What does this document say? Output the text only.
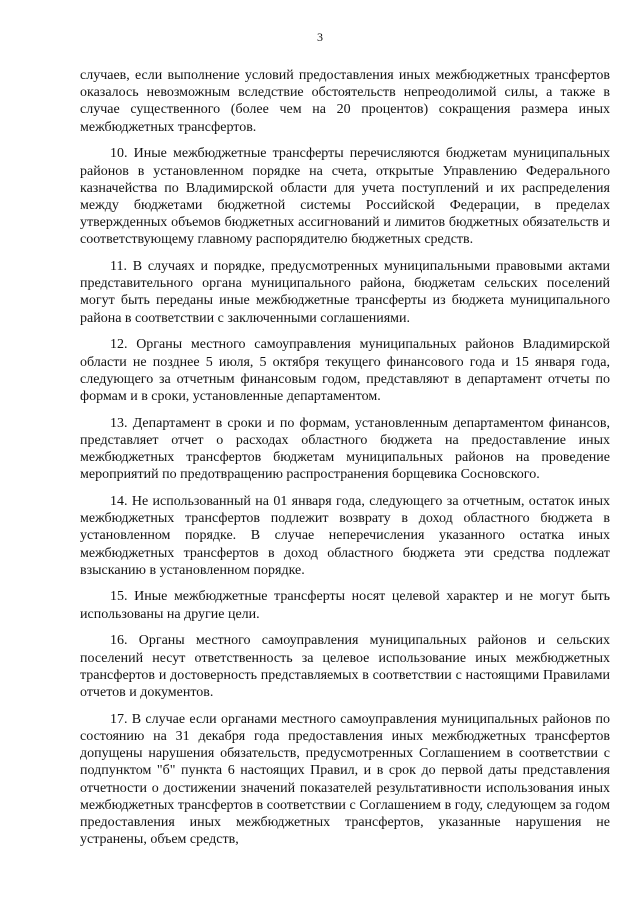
3

случаев, если выполнение условий предоставления иных межбюджетных трансфертов оказалось невозможным вследствие обстоятельств непреодолимой силы, а также в случае существенного (более чем на 20 процентов) сокращения размера иных межбюджетных трансфертов.

10. Иные межбюджетные трансферты перечисляются бюджетам муниципальных районов в установленном порядке на счета, открытые Управлению Федерального казначейства по Владимирской области для учета поступлений и их распределения между бюджетами бюджетной системы Российской Федерации, в пределах утвержденных объемов бюджетных ассигнований и лимитов бюджетных обязательств и соответствующему главному распорядителю бюджетных средств.

11. В случаях и порядке, предусмотренных муниципальными правовыми актами представительного органа муниципального района, бюджетам сельских поселений могут быть переданы иные межбюджетные трансферты из бюджета муниципального района в соответствии с заключенными соглашениями.

12. Органы местного самоуправления муниципальных районов Владимирской области не позднее 5 июля, 5 октября текущего финансового года и 15 января года, следующего за отчетным финансовым годом, представляют в департамент отчеты по формам и в сроки, установленные департаментом.

13. Департамент в сроки и по формам, установленным департаментом финансов, представляет отчет о расходах областного бюджета на предоставление иных межбюджетных трансфертов бюджетам муниципальных районов на проведение мероприятий по предотвращению распространения борщевика Сосновского.

14. Не использованный на 01 января года, следующего за отчетным, остаток иных межбюджетных трансфертов подлежит возврату в доход областного бюджета в установленном порядке. В случае неперечисления указанного остатка иных межбюджетных трансфертов в доход областного бюджета эти средства подлежат взысканию в установленном порядке.

15. Иные межбюджетные трансферты носят целевой характер и не могут быть использованы на другие цели.

16. Органы местного самоуправления муниципальных районов и сельских поселений несут ответственность за целевое использование иных межбюджетных трансфертов и достоверность представляемых в соответствии с настоящими Правилами отчетов и документов.

17. В случае если органами местного самоуправления муниципальных районов по состоянию на 31 декабря года предоставления иных межбюджетных трансфертов допущены нарушения обязательств, предусмотренных Соглашением в соответствии с подпунктом "б" пункта 6 настоящих Правил, и в срок до первой даты представления отчетности о достижении значений показателей результативности использования иных межбюджетных трансфертов в соответствии с Соглашением в году, следующем за годом предоставления иных межбюджетных трансфертов, указанные нарушения не устранены, объем средств,
